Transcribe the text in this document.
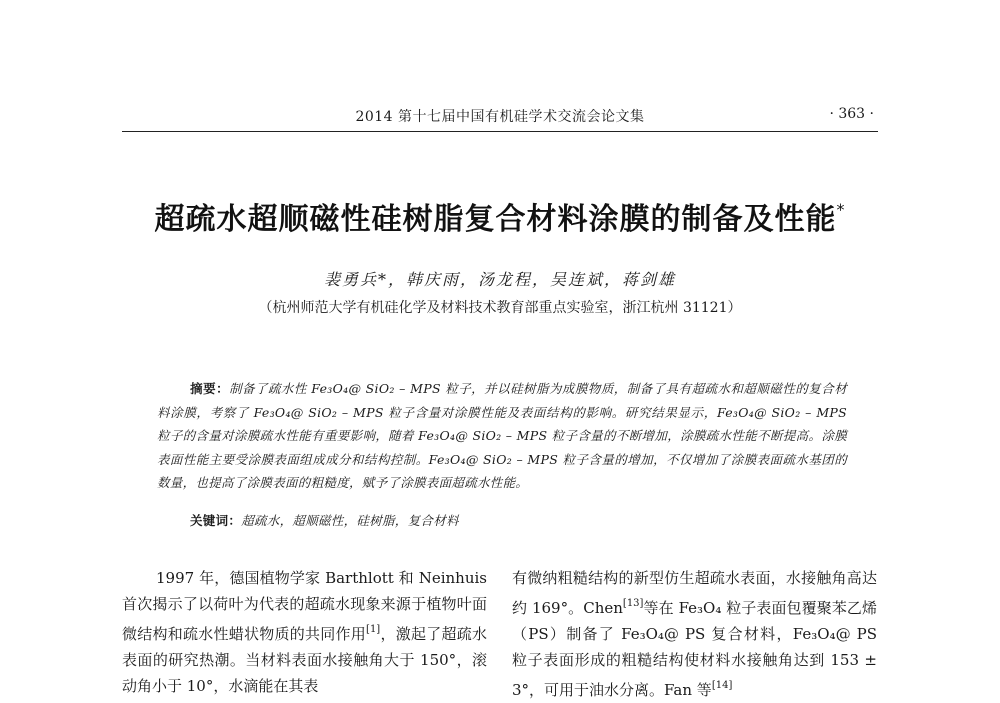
2014 第十七届中国有机硅学术交流会论文集	· 363 ·
超疏水超顺磁性硅树脂复合材料涂膜的制备及性能*
裴勇兵*，韩庆雨，汤龙程，吴连斌，蒋剑雄
（杭州师范大学有机硅化学及材料技术教育部重点实验室，浙江杭州 31121）
摘要：制备了疏水性 Fe₃O₄@ SiO₂ – MPS 粒子，并以硅树脂为成膜物质，制备了具有超疏水和超顺磁性的复合材料涂膜，考察了 Fe₃O₄@ SiO₂ – MPS 粒子含量对涂膜性能及表面结构的影响。研究结果显示，Fe₃O₄@ SiO₂ – MPS 粒子的含量对涂膜疏水性能有重要影响，随着 Fe₃O₄@ SiO₂ – MPS 粒子含量的不断增加，涂膜疏水性能不断提高。涂膜表面性能主要受涂膜表面组成成分和结构控制。Fe₃O₄@ SiO₂ – MPS 粒子含量的增加，不仅增加了涂膜表面疏水基团的数量，也提高了涂膜表面的粗糙度，赋予了涂膜表面超疏水性能。
关键词：超疏水，超顺磁性，硅树脂，复合材料
1997 年，德国植物学家 Barthlott 和 Neinhuis 首次揭示了以荷叶为代表的超疏水现象来源于植物叶面微结构和疏水性蜡状物质的共同作用[1]，激起了超疏水表面的研究热潮。当材料表面水接触角大于 150°，滚动角小于 10°，水滴能在其表
有微纳粗糙结构的新型仿生超疏水表面，水接触角高达约 169°。Chen[13]等在 Fe₃O₄ 粒子表面包覆聚苯乙烯（PS）制备了 Fe₃O₄@ PS 复合材料，Fe₃O₄@ PS 粒子表面形成的粗糙结构使材料水接触角达到 153 ± 3°，可用于油水分离。Fan 等[14]
